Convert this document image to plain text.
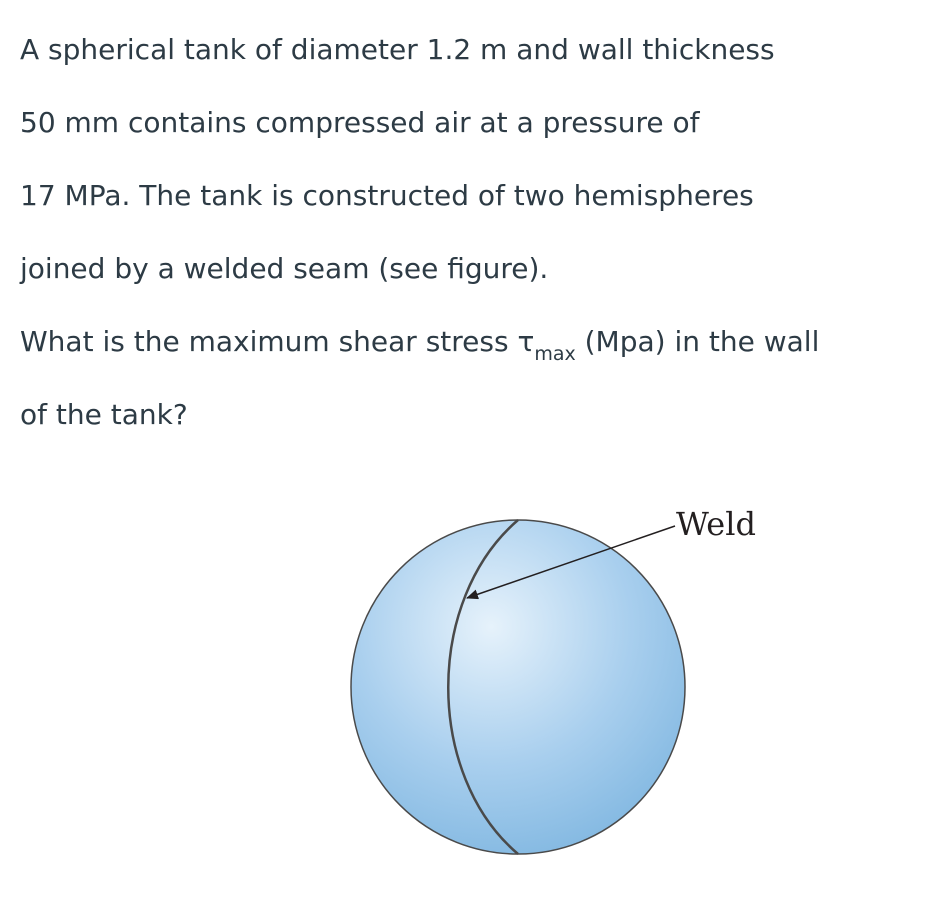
A spherical tank of diameter 1.2 m and wall thickness
50 mm contains compressed air at a pressure of
17 MPa. The tank is constructed of two hemispheres
joined by a welded seam (see figure).
What is the maximum shear stress $\tau_{max}$ (Mpa) in the wall
of the tank?
Weld
